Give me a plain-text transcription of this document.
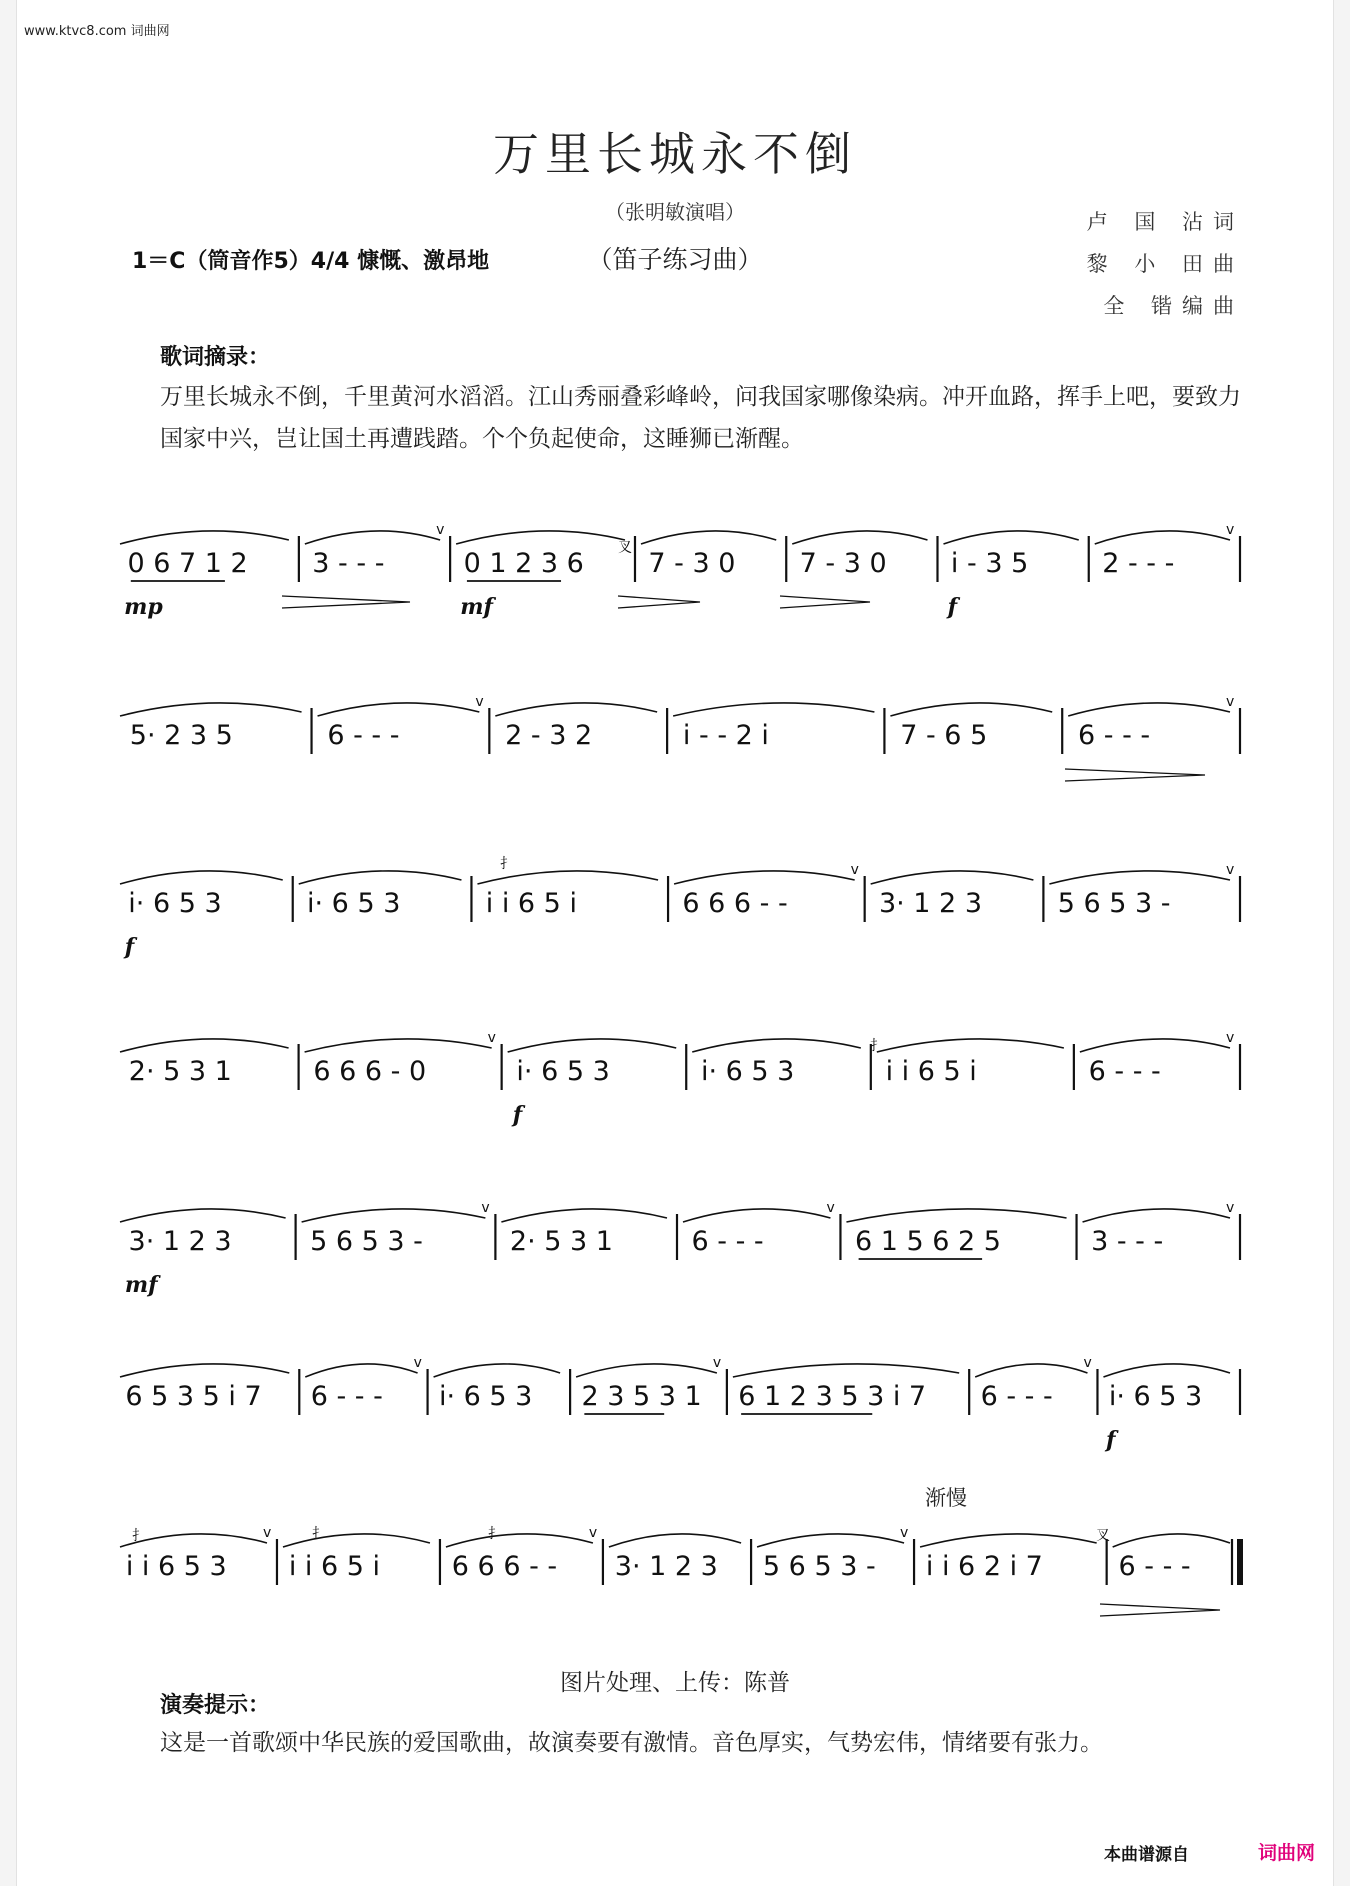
www.ktvc8.com 词曲网
万里长城永不倒
（张明敏演唱）
1＝C（筒音作5）4/4 慷慨、激昂地	（笛子练习曲）
卢 国 沾词
黎 小 田曲
全 锴编曲
歌词摘录：
万里长城永不倒，千里黄河水滔滔。江山秀丽叠彩峰岭，问我国家哪像染病。冲开血路，挥手上吧，要致力国家中兴，岂让国土再遭践踏。个个负起使命，这睡狮已渐醒。
0 6 7 1 2
mp
3 - - -
v
0 1 2 3 6
mf
7 - 3 0 7 - 3 0 i - 3 5
f
2 - - -
v
5· 2 3 5	6 - - -
v
2 - 3 2	i - - 2 i	7 - 6 5	6 - - -
v
i· 6 5 3
f
i· 6 5 3	i i 6 5 i	6 6 6 - -
v
3· 1 2 3	5 6 5 3 -
v
2· 5 3 1	6 6 6 - 0
v
i· 6 5 3
f
i· 6 5 3	i i 6 5 i	6 - - -
v
3· 1 2 3
mf
5 6 5 3 -
v
2· 5 3 1	6 - - -
v
6 1 5 6 2 5	3 - - -
v
6 5 3 5 i 7 6 - - -
v
i· 6 5 3 2 3 5 3 1
v
6 1 2 3 5 3 i 7 6 - - -
v
i· 6 5 3
f
i i 6 5 3
v
i i 6 5 i	6 6 6 - -
v
3· 1 2 3 5 6 5 3 -
v
i i 6 2 i 7	6 - - -
扌
扌
扌
扌
扌
叉
叉
渐慢
图片处理、上传：陈普
演奏提示：
这是一首歌颂中华民族的爱国歌曲，故演奏要有激情。音色厚实，气势宏伟，情绪要有张力。
本曲谱源自	词曲网
